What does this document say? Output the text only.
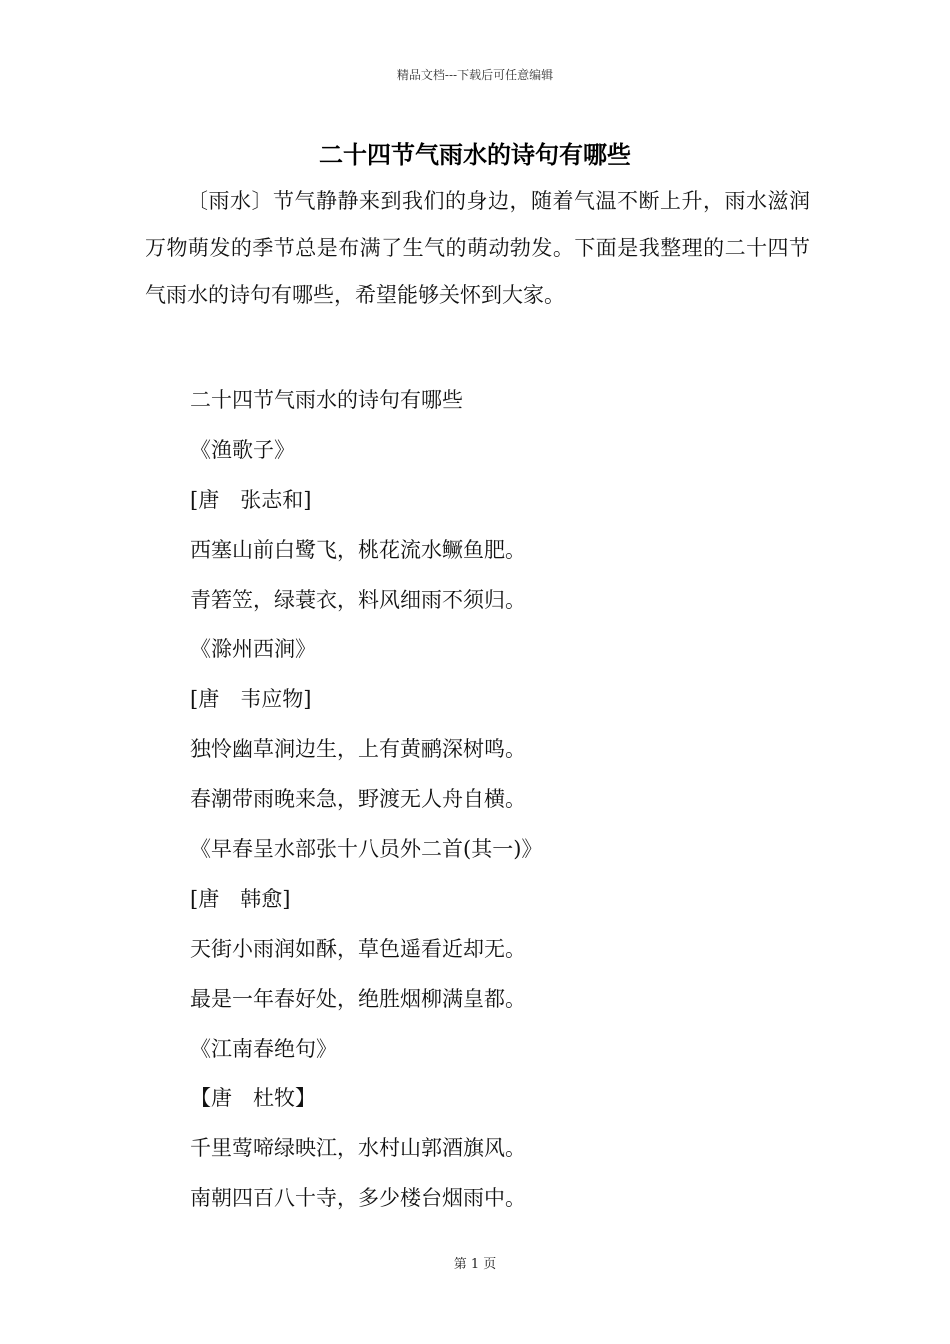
精品文档---下载后可任意编辑
二十四节气雨水的诗句有哪些

〔雨水〕节气静静来到我们的身边，随着气温不断上升，雨水滋润万物萌发的季节总是布满了生气的萌动勃发。下面是我整理的二十四节气雨水的诗句有哪些，希望能够关怀到大家。

二十四节气雨水的诗句有哪些
《渔歌子》
[唐　张志和]
西塞山前白鹭飞，桃花流水鳜鱼肥。
青箬笠，绿蓑衣，料风细雨不须归。
《滁州西涧》
[唐　韦应物]
独怜幽草涧边生，上有黄鹂深树鸣。
春潮带雨晚来急，野渡无人舟自横。
《早春呈水部张十八员外二首(其一)》
[唐　韩愈]
天街小雨润如酥，草色遥看近却无。
最是一年春好处，绝胜烟柳满皇都。
《江南春绝句》
【唐　杜牧】
千里莺啼绿映江，水村山郭酒旗风。
南朝四百八十寺，多少楼台烟雨中。
第 1 页
